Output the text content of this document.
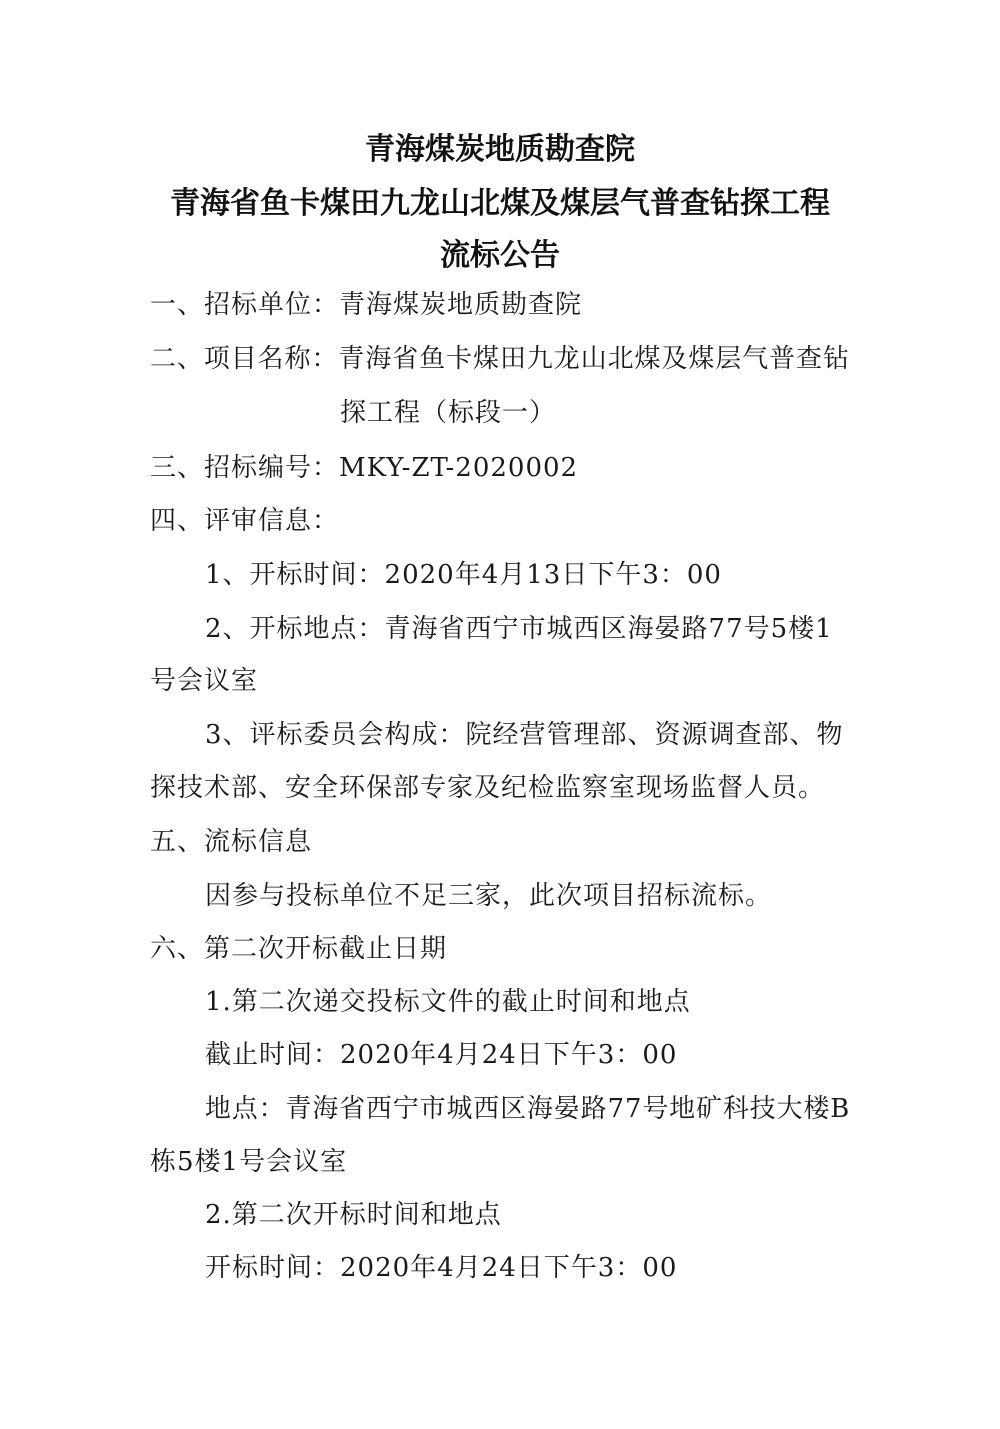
青海煤炭地质勘查院
青海省鱼卡煤田九龙山北煤及煤层气普查钻探工程
流标公告
一、招标单位：青海煤炭地质勘查院
二、项目名称：青海省鱼卡煤田九龙山北煤及煤层气普查钻
探工程（标段一）
三、招标编号：MKY-ZT-2020002
四、评审信息：
1、开标时间：2020年4月13日下午3：00
2、开标地点：青海省西宁市城西区海晏路77号5楼1
号会议室
3、评标委员会构成：院经营管理部、资源调查部、物
探技术部、安全环保部专家及纪检监察室现场监督人员。
五、流标信息
因参与投标单位不足三家，此次项目招标流标。
六、第二次开标截止日期
1.第二次递交投标文件的截止时间和地点
截止时间：2020年4月24日下午3：00
地点：青海省西宁市城西区海晏路77号地矿科技大楼B
栋5楼1号会议室
2.第二次开标时间和地点
开标时间：2020年4月24日下午3：00
